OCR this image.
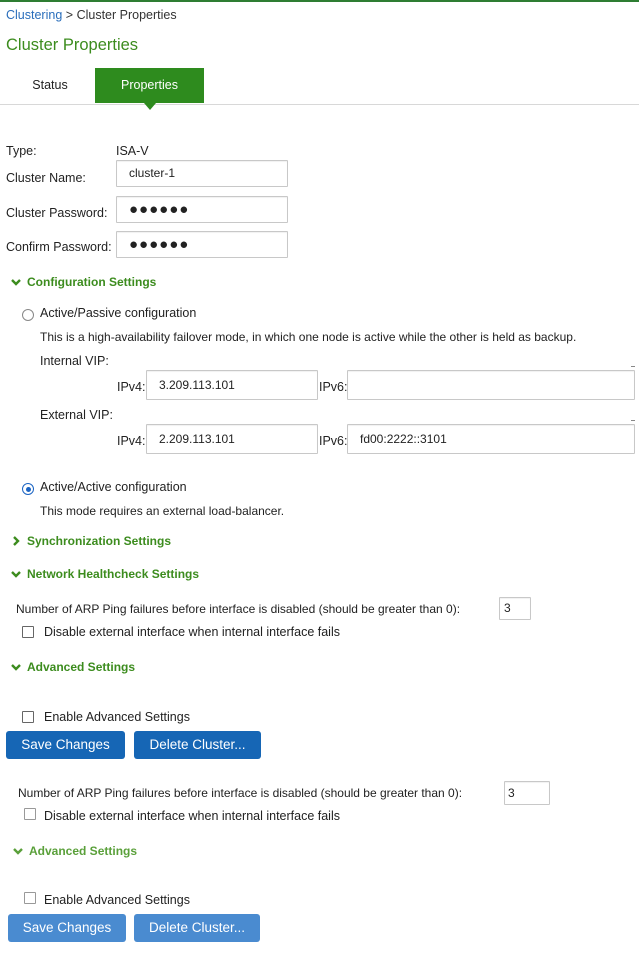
Clustering > Cluster Properties
Cluster Properties
Status	Properties
Type:	ISA-V
Cluster Name:	cluster-1
Cluster Password:	●●●●●●
Confirm Password:	●●●●●●
Configuration Settings
Active/Passive configuration
This is a high-availability failover mode, in which one node is active while the other is held as backup.
Internal VIP:
IPv4:	3.209.113.101	IPv6:
External VIP:
IPv4:	2.209.113.101	IPv6:	fd00:2222::3101
Active/Active configuration
This mode requires an external load-balancer.
Synchronization Settings
Network Healthcheck Settings
Number of ARP Ping failures before interface is disabled (should be greater than 0):	3
Disable external interface when internal interface fails
Advanced Settings
Enable Advanced Settings
Save Changes	Delete Cluster...
Number of ARP Ping failures before interface is disabled (should be greater than 0):	3
Disable external interface when internal interface fails
Advanced Settings
Enable Advanced Settings
Save Changes	Delete Cluster...
